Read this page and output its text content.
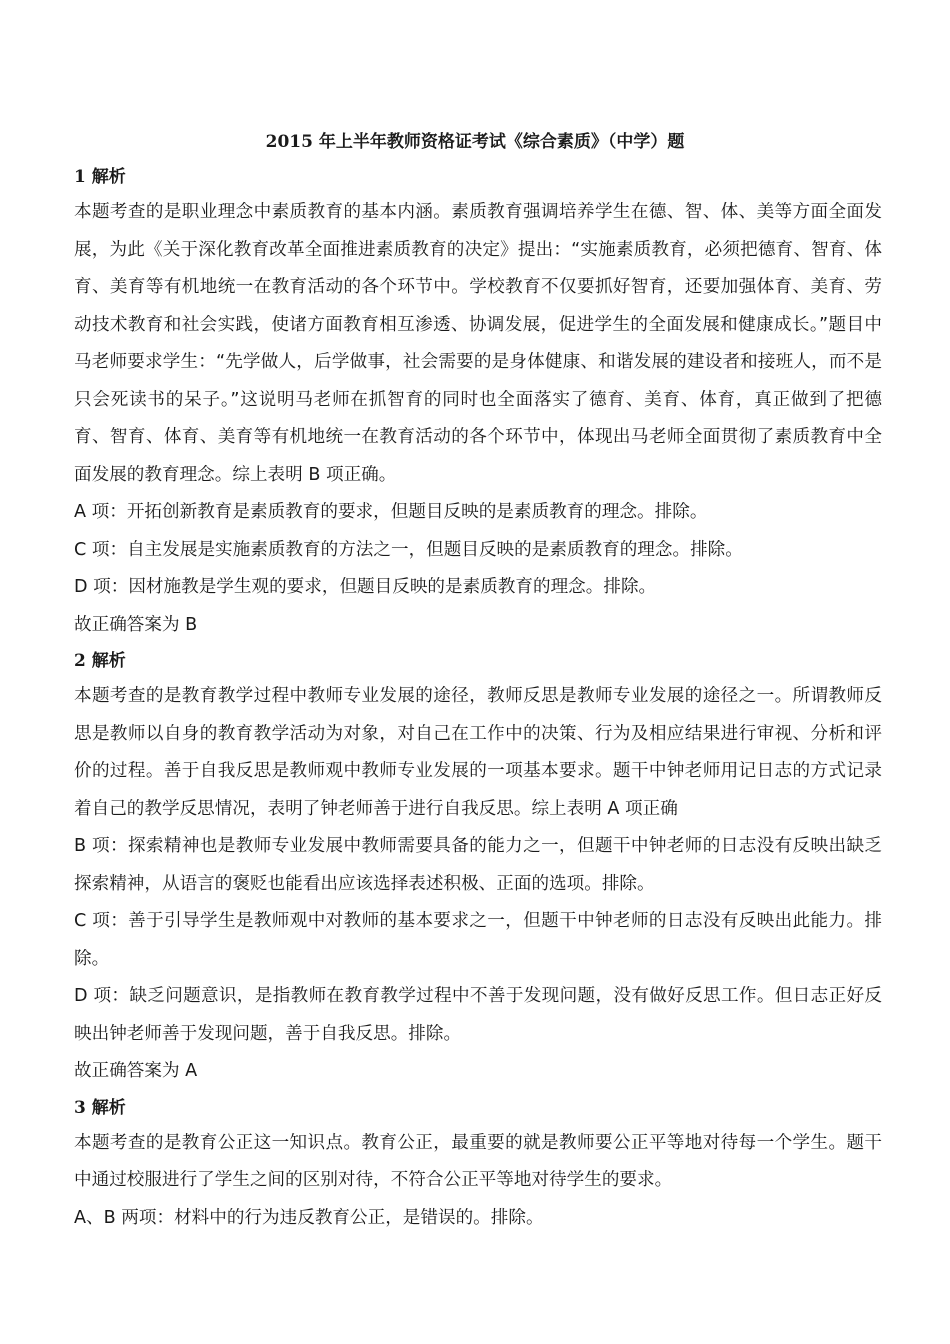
2015 年上半年教师资格证考试《综合素质》（中学）题
1 解析

本题考查的是职业理念中素质教育的基本内涵。素质教育强调培养学生在德、智、体、美等方面全面发展，为此《关于深化教育改革全面推进素质教育的决定》提出：“实施素质教育，必须把德育、智育、体育、美育等有机地统一在教育活动的各个环节中。学校教育不仅要抓好智育，还要加强体育、美育、劳动技术教育和社会实践，使诸方面教育相互渗透、协调发展，促进学生的全面发展和健康成长。”题目中马老师要求学生：“先学做人，后学做事，社会需要的是身体健康、和谐发展的建设者和接班人，而不是只会死读书的呆子。”这说明马老师在抓智育的同时也全面落实了德育、美育、体育，真正做到了把德育、智育、体育、美育等有机地统一在教育活动的各个环节中，体现出马老师全面贯彻了素质教育中全面发展的教育理念。综上表明 B 项正确。

A 项：开拓创新教育是素质教育的要求，但题目反映的是素质教育的理念。排除。

C 项：自主发展是实施素质教育的方法之一，但题目反映的是素质教育的理念。排除。

D 项：因材施教是学生观的要求，但题目反映的是素质教育的理念。排除。

故正确答案为 B

2 解析

本题考查的是教育教学过程中教师专业发展的途径，教师反思是教师专业发展的途径之一。所谓教师反思是教师以自身的教育教学活动为对象，对自己在工作中的决策、行为及相应结果进行审视、分析和评价的过程。善于自我反思是教师观中教师专业发展的一项基本要求。题干中钟老师用记日志的方式记录着自己的教学反思情况，表明了钟老师善于进行自我反思。综上表明 A 项正确

B 项：探索精神也是教师专业发展中教师需要具备的能力之一，但题干中钟老师的日志没有反映出缺乏探索精神，从语言的褒贬也能看出应该选择表述积极、正面的选项。排除。

C 项：善于引导学生是教师观中对教师的基本要求之一，但题干中钟老师的日志没有反映出此能力。排除。

D 项：缺乏问题意识，是指教师在教育教学过程中不善于发现问题，没有做好反思工作。但日志正好反映出钟老师善于发现问题，善于自我反思。排除。

故正确答案为 A

3 解析

本题考查的是教育公正这一知识点。教育公正，最重要的就是教师要公正平等地对待每一个学生。题干中通过校服进行了学生之间的区别对待，不符合公正平等地对待学生的要求。

A、B 两项：材料中的行为违反教育公正，是错误的。排除。
